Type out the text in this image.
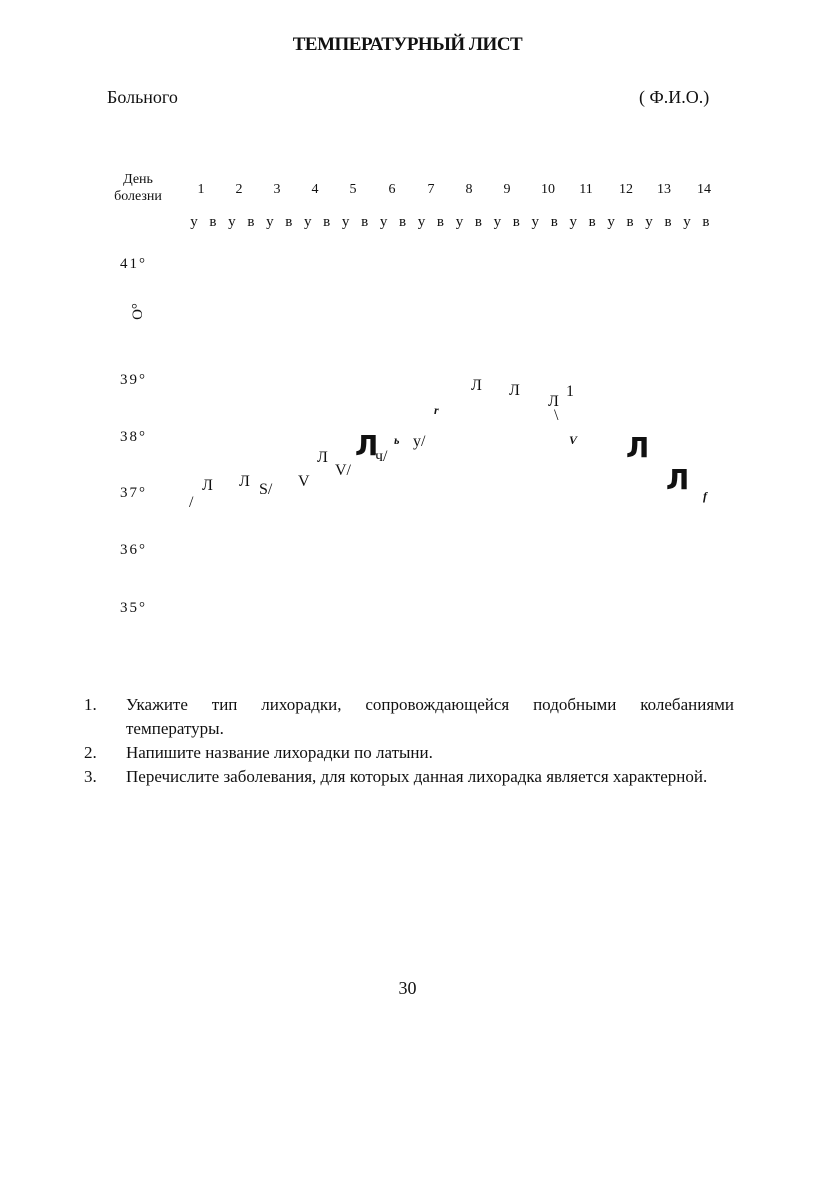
ТЕМПЕРАТУРНЫЙ ЛИСТ
Больного	( Ф.И.О.)
День болезни	1	2	3	4	5	6	7	8	9	10	11	12	13	14
у в у в у в у в у в у в у в у в у в у в у в у в у в у в
41°
39°
38°
37°
36°
35°
O°
/
Л Л S/ V
Л
V/
Л
ч/
ь у/
r
Л Л
Л
1
\
V Л
Л f
1. Укажите тип лихорадки, сопровождающейся подобными колебаниями температуры.
2. Напишите название лихорадки по латыни.
3. Перечислите заболевания, для которых данная лихорадка является характерной.
30
